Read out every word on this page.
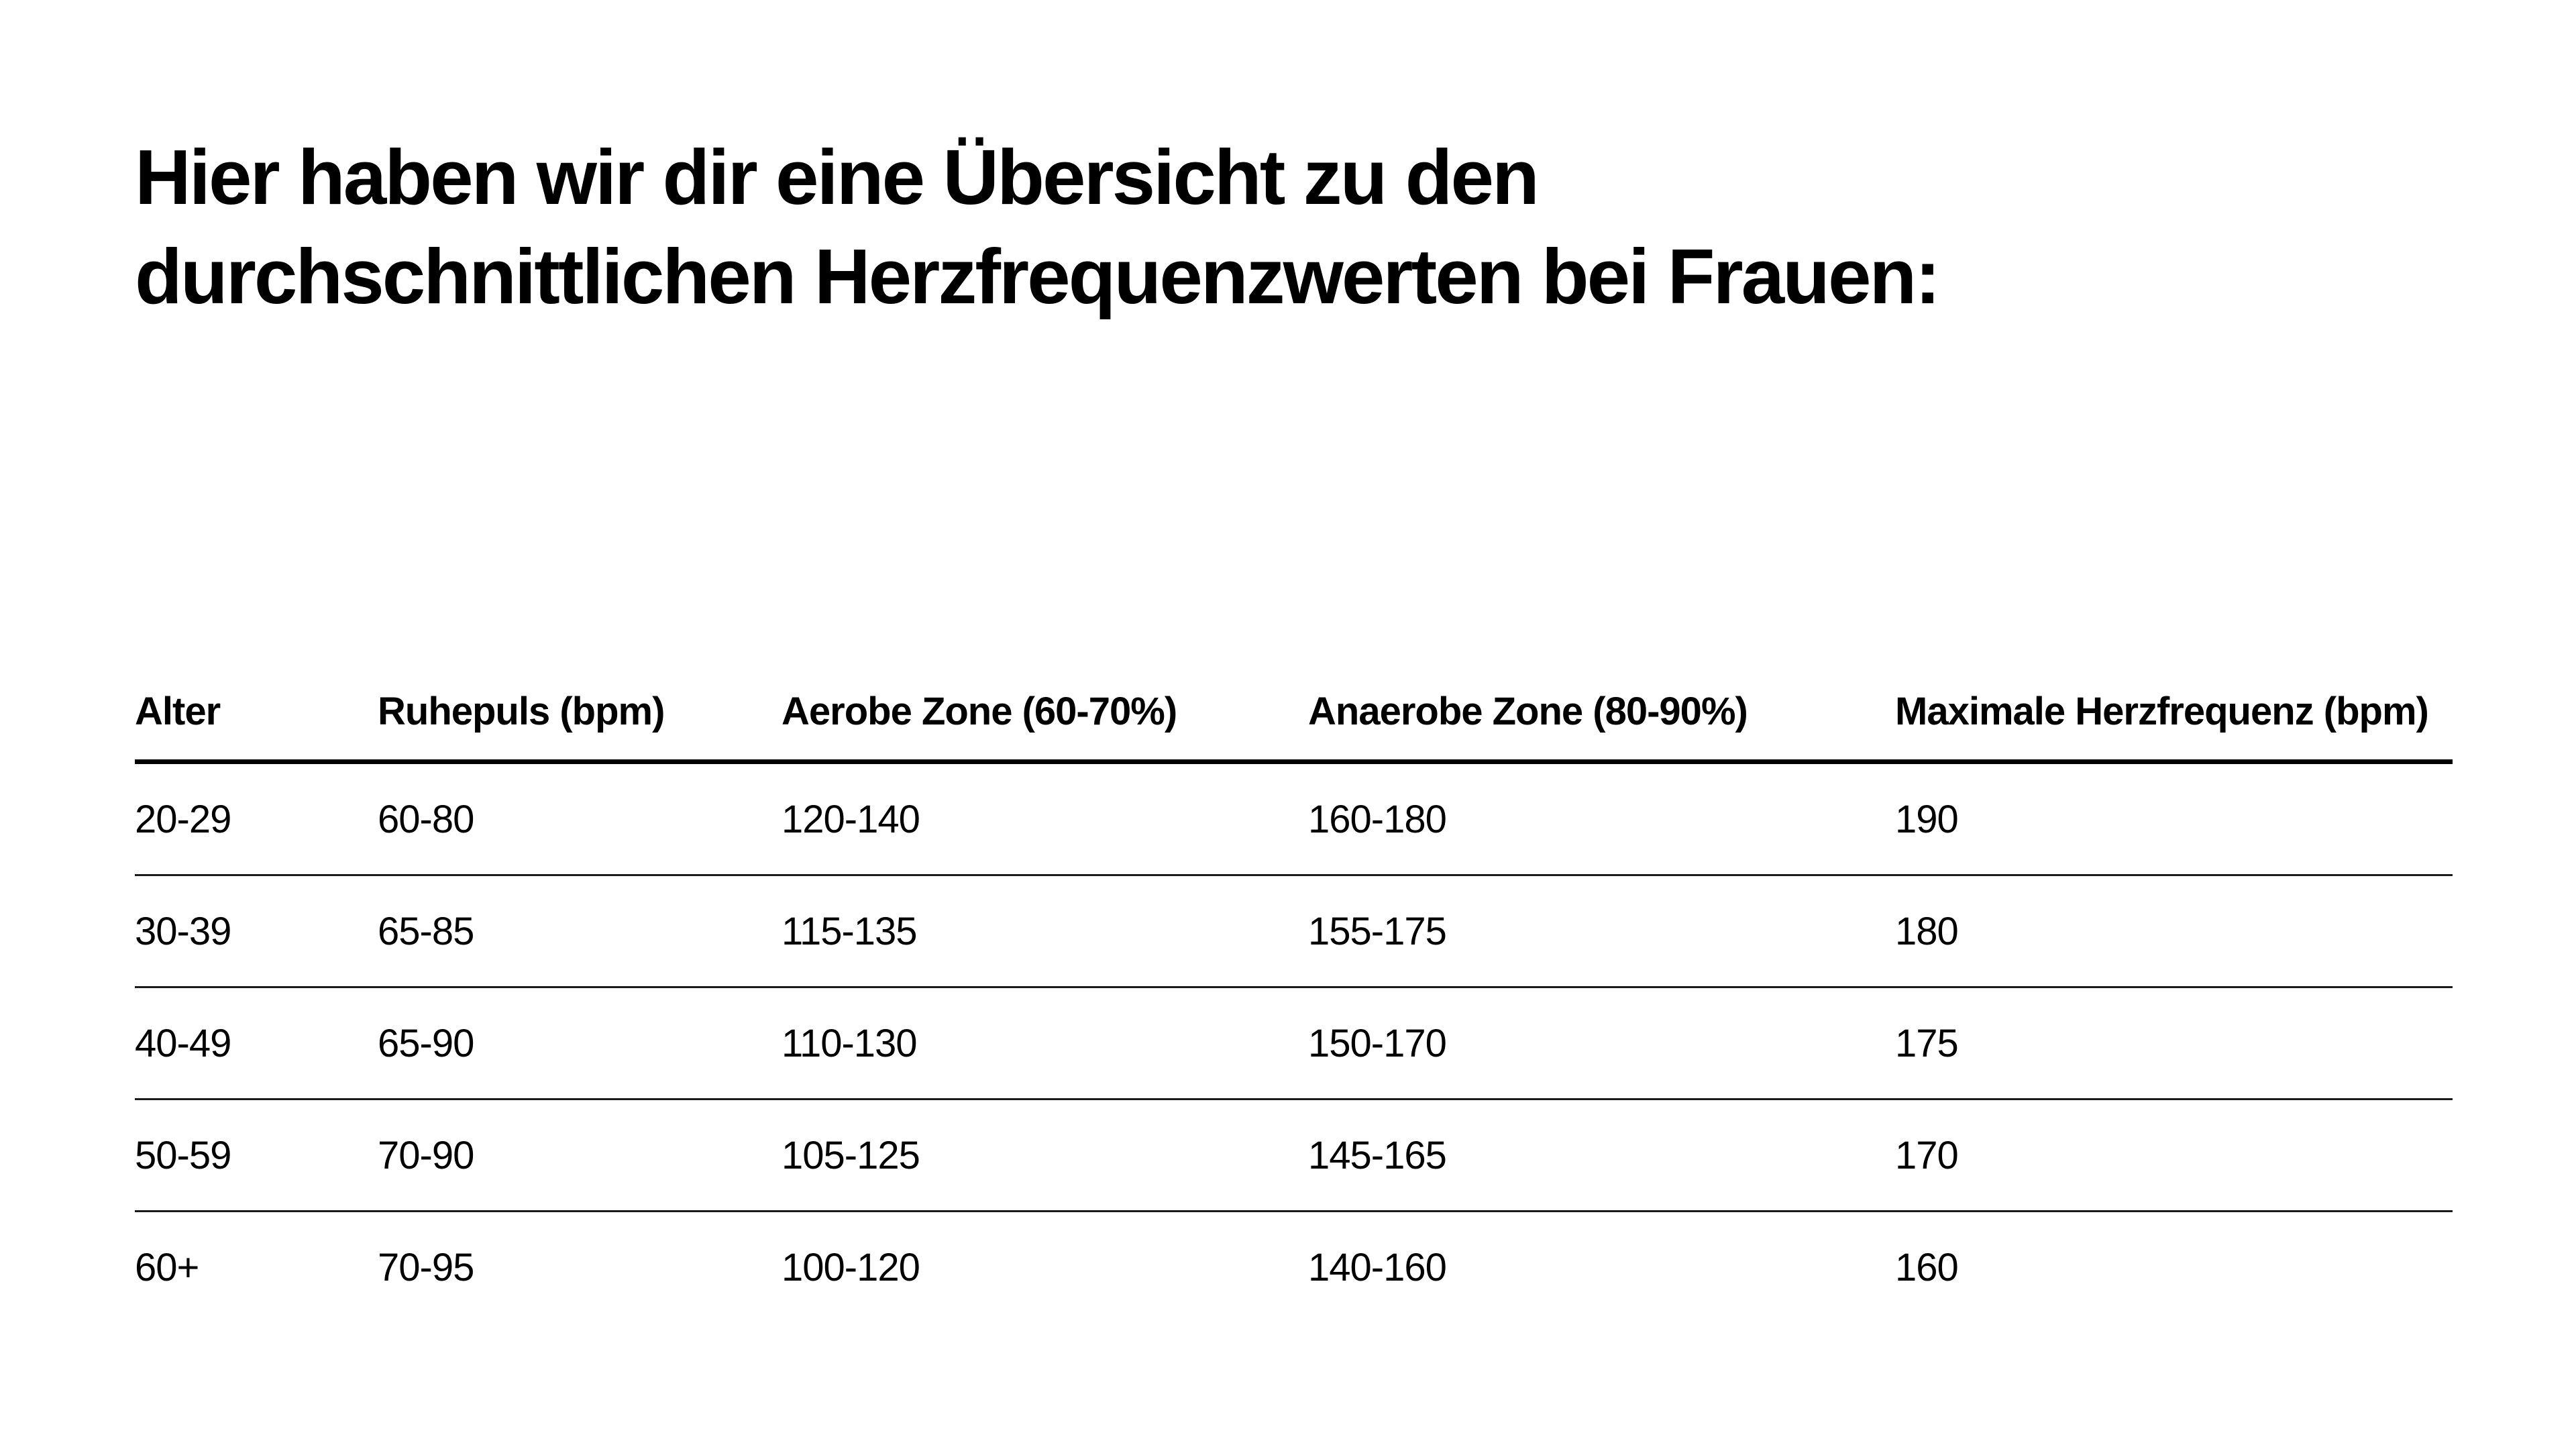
Hier haben wir dir eine Übersicht zu den
durchschnittlichen Herzfrequenzwerten bei Frauen:
Alter	Ruhepuls (bpm)	Aerobe Zone (60-70%)	Anaerobe Zone (80-90%)	Maximale Herzfrequenz (bpm)
20-29	60-80	120-140	160-180	190
30-39	65-85	115-135	155-175	180
40-49	65-90	110-130	150-170	175
50-59	70-90	105-125	145-165	170
60+	70-95	100-120	140-160	160
